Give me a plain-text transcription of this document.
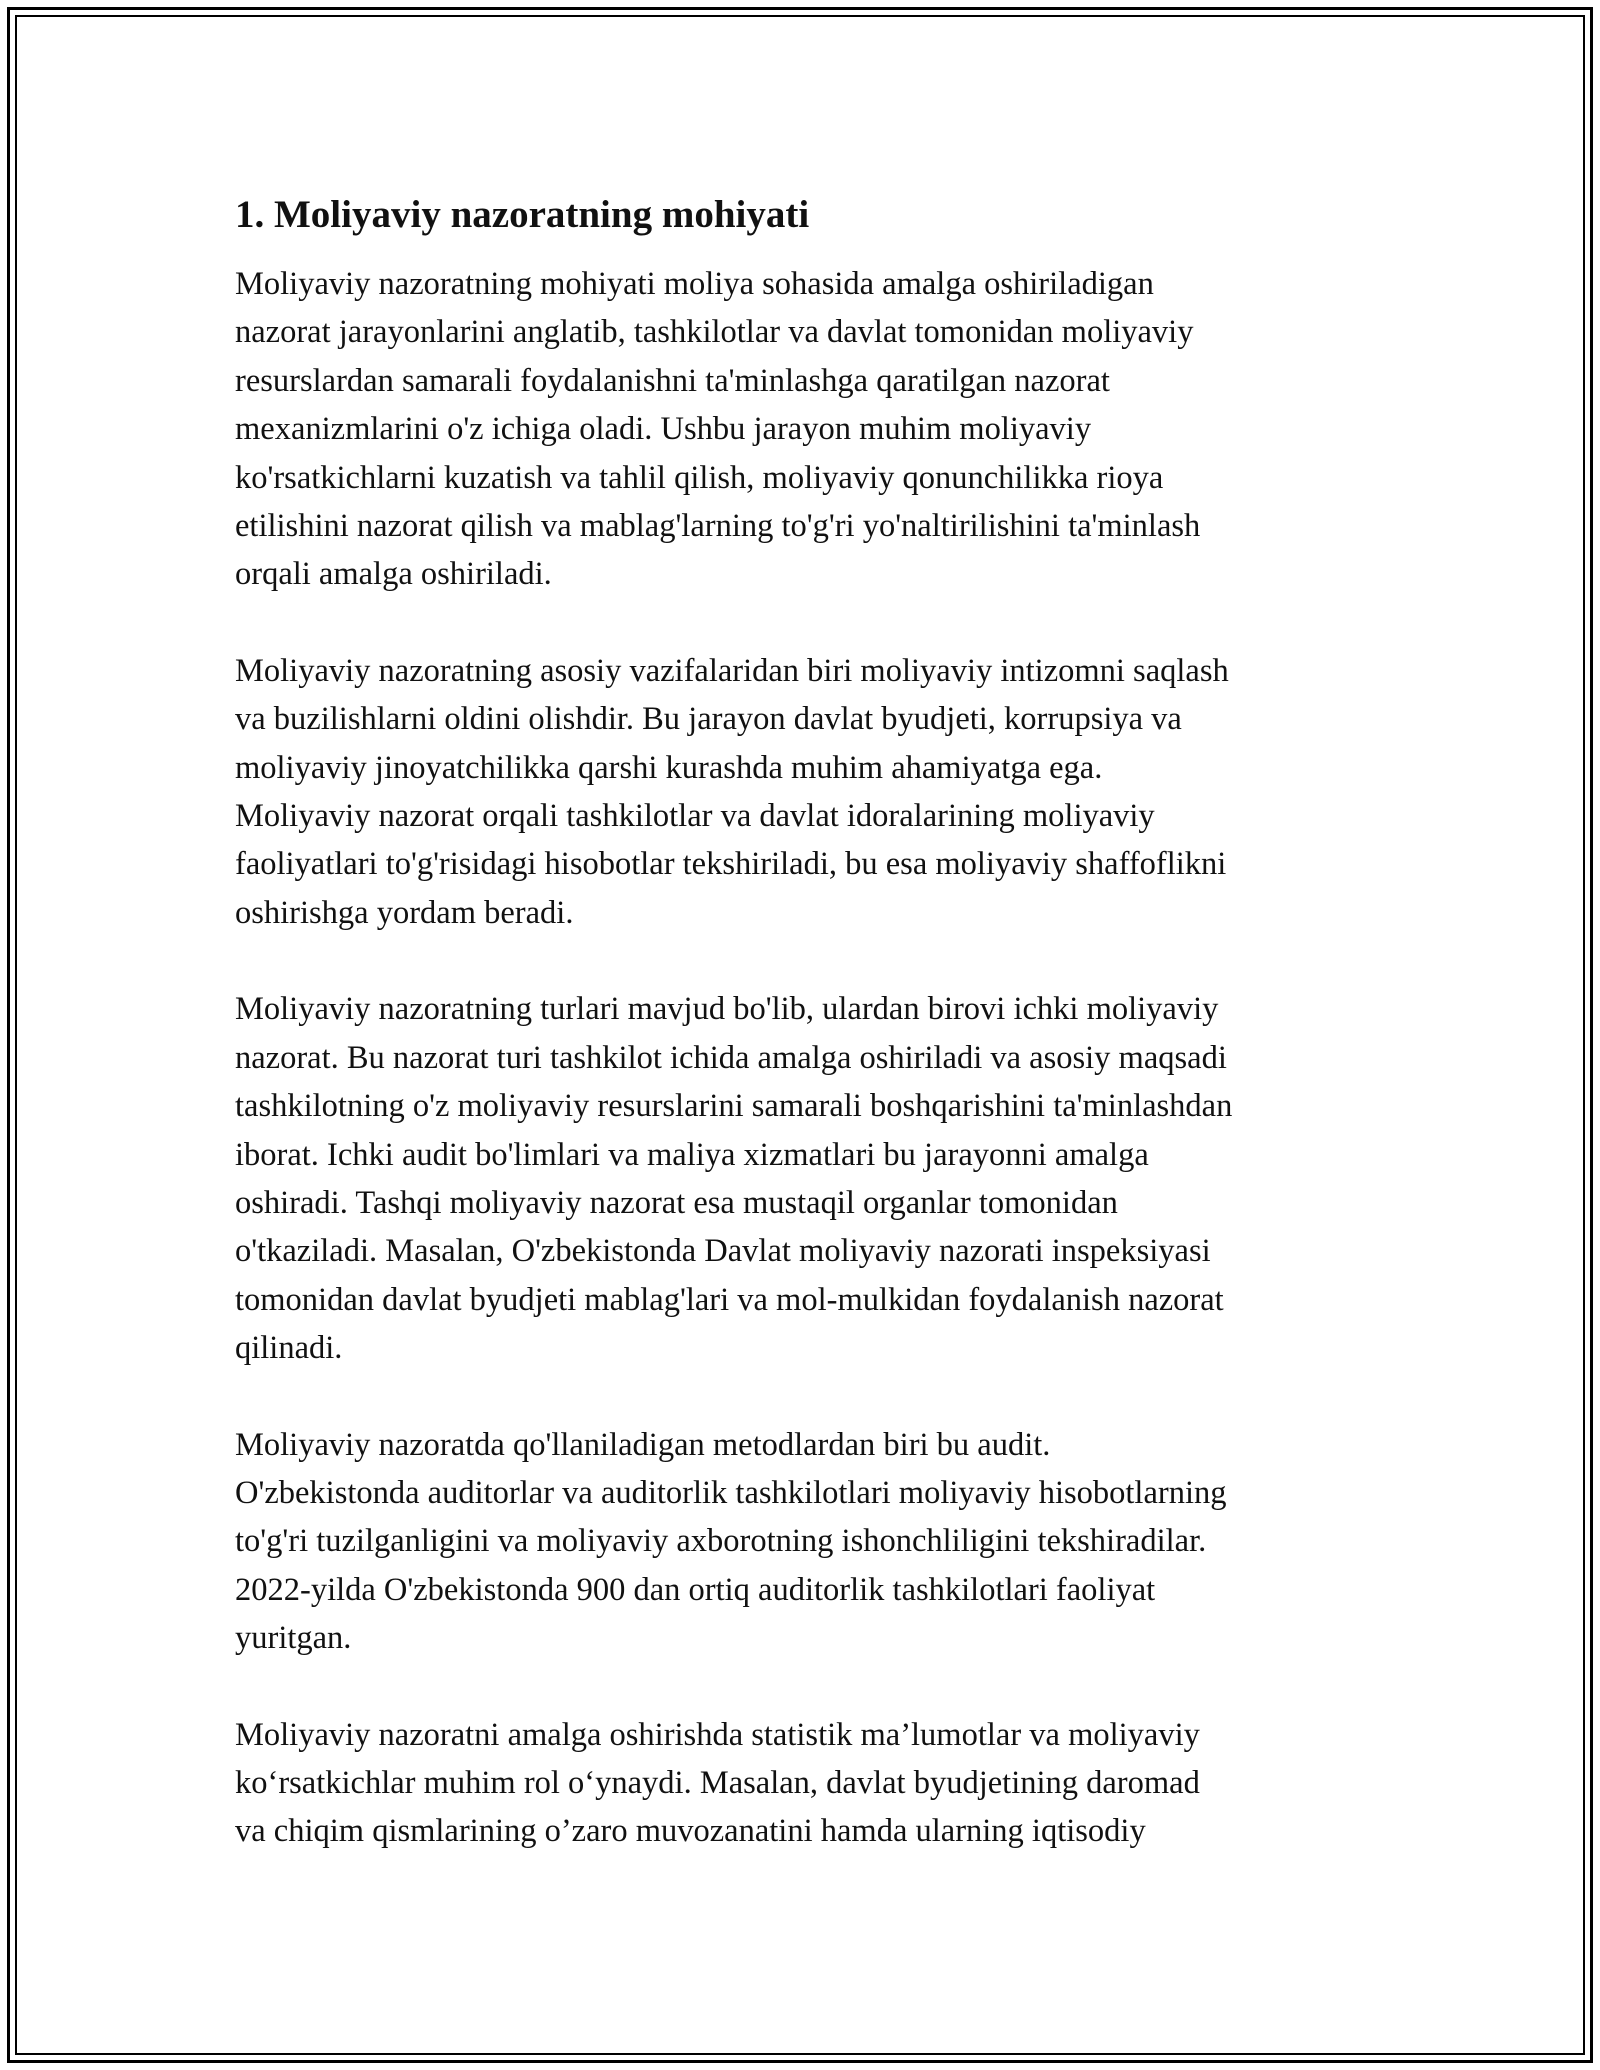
1. Moliyaviy nazoratning mohiyati

Moliyaviy nazoratning mohiyati moliya sohasida amalga oshiriladigan
nazorat jarayonlarini anglatib, tashkilotlar va davlat tomonidan moliyaviy
resurslardan samarali foydalanishni ta'minlashga qaratilgan nazorat
mexanizmlarini o'z ichiga oladi. Ushbu jarayon muhim moliyaviy
ko'rsatkichlarni kuzatish va tahlil qilish, moliyaviy qonunchilikka rioya
etilishini nazorat qilish va mablag'larning to'g'ri yo'naltirilishini ta'minlash
orqali amalga oshiriladi.

Moliyaviy nazoratning asosiy vazifalaridan biri moliyaviy intizomni saqlash
va buzilishlarni oldini olishdir. Bu jarayon davlat byudjeti, korrupsiya va
moliyaviy jinoyatchilikka qarshi kurashda muhim ahamiyatga ega.
Moliyaviy nazorat orqali tashkilotlar va davlat idoralarining moliyaviy
faoliyatlari to'g'risidagi hisobotlar tekshiriladi, bu esa moliyaviy shaffoflikni
oshirishga yordam beradi.

Moliyaviy nazoratning turlari mavjud bo'lib, ulardan birovi ichki moliyaviy
nazorat. Bu nazorat turi tashkilot ichida amalga oshiriladi va asosiy maqsadi
tashkilotning o'z moliyaviy resurslarini samarali boshqarishini ta'minlashdan
iborat. Ichki audit bo'limlari va maliya xizmatlari bu jarayonni amalga
oshiradi. Tashqi moliyaviy nazorat esa mustaqil organlar tomonidan
o'tkaziladi. Masalan, O'zbekistonda Davlat moliyaviy nazorati inspeksiyasi
tomonidan davlat byudjeti mablag'lari va mol-mulkidan foydalanish nazorat
qilinadi.

Moliyaviy nazoratda qo'llaniladigan metodlardan biri bu audit.
O'zbekistonda auditorlar va auditorlik tashkilotlari moliyaviy hisobotlarning
to'g'ri tuzilganligini va moliyaviy axborotning ishonchliligini tekshiradilar.
2022-yilda O'zbekistonda 900 dan ortiq auditorlik tashkilotlari faoliyat
yuritgan.

Moliyaviy nazoratni amalga oshirishda statistik ma’lumotlar va moliyaviy
ko‘rsatkichlar muhim rol o‘ynaydi. Masalan, davlat byudjetining daromad
va chiqim qismlarining o’zaro muvozanatini hamda ularning iqtisodiy
